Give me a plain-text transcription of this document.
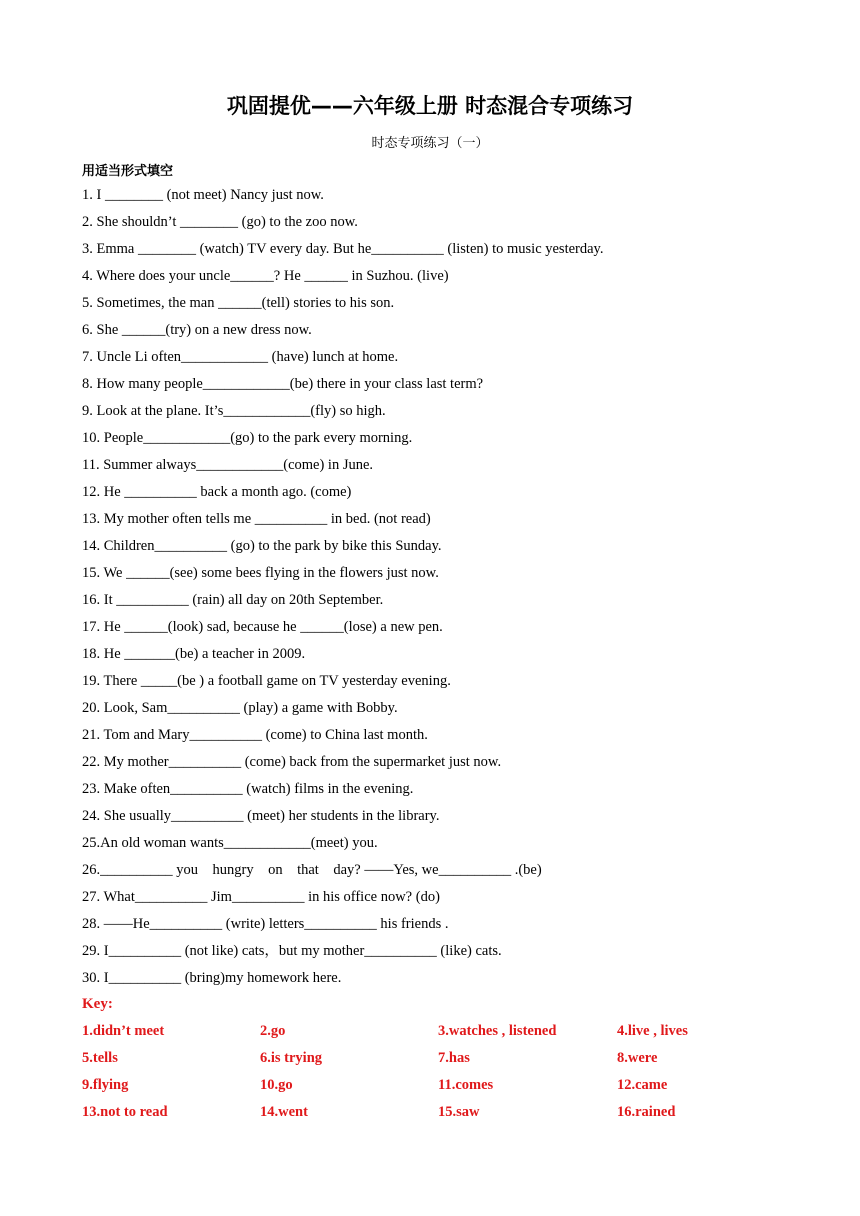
巩固提优——六年级上册 时态混合专项练习
时态专项练习（一）
用适当形式填空
1. I ________ (not meet) Nancy just now.
2. She shouldn’t ________ (go) to the zoo now.
3. Emma ________ (watch) TV every day. But he__________ (listen) to music yesterday.
4. Where does your uncle______? He ______ in Suzhou. (live)
5. Sometimes, the man ______(tell) stories to his son.
6. She ______(try) on a new dress now.
7. Uncle Li often____________ (have) lunch at home.
8. How many people____________(be) there in your class last term?
9. Look at the plane. It’s____________(fly) so high.
10. People____________(go) to the park every morning.
11. Summer always____________(come) in June.
12. He __________ back a month ago. (come)
13. My mother often tells me __________ in bed. (not read)
14. Children__________ (go) to the park by bike this Sunday.
15. We ______(see) some bees flying in the flowers just now.
16. It __________ (rain) all day on 20th September.
17. He ______(look) sad, because he ______(lose) a new pen.
18. He _______(be) a teacher in 2009.
19. There _____(be ) a football game on TV yesterday evening.
20. Look, Sam__________ (play) a game with Bobby.
21. Tom and Mary__________ (come) to China last month.
22. My mother__________ (come) back from the supermarket just now.
23. Make often__________ (watch) films in the evening.
24. She usually__________ (meet) her students in the library.
25.An old woman wants____________(meet) you.
26.__________ you    hungry    on    that    day? ——Yes, we__________ .(be)
27. What__________ Jim__________ in his office now? (do)
28. ——He__________ (write) letters__________ his friends .
29. I__________ (not like) cats，but my mother__________ (like) cats.
30. I__________ (bring)my homework here.
Key:
1.didn’t meet	2.go	3.watches , listened	4.live , lives
5.tells	6.is trying	7.has	8.were
9.flying	10.go	11.comes	12.came
13.not to read	14.went	15.saw	16.rained
